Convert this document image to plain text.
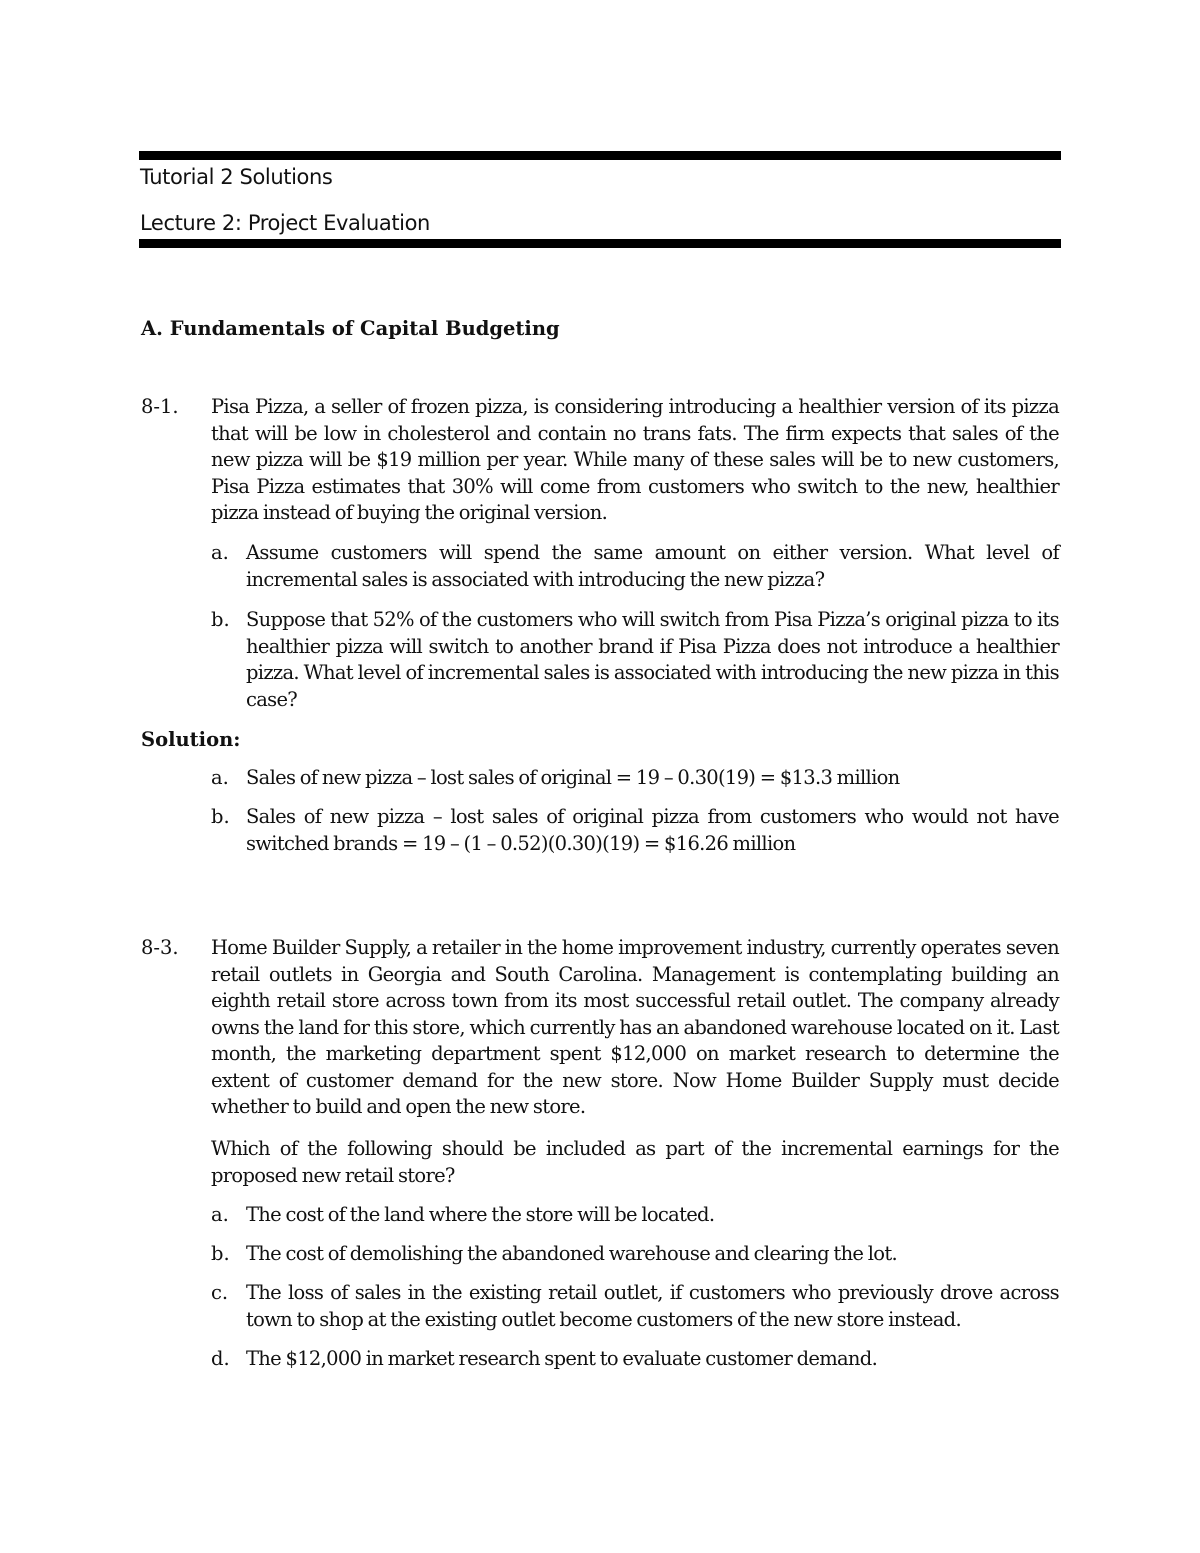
Tutorial 2 Solutions
Lecture 2: Project Evaluation
A. Fundamentals of Capital Budgeting
8-1. Pisa Pizza, a seller of frozen pizza, is considering introducing a healthier version of its pizza that will be low in cholesterol and contain no trans fats. The firm expects that sales of the new pizza will be $19 million per year. While many of these sales will be to new customers, Pisa Pizza estimates that 30% will come from customers who switch to the new, healthier pizza instead of buying the original version.
a. Assume customers will spend the same amount on either version. What level of incremental sales is associated with introducing the new pizza?
b. Suppose that 52% of the customers who will switch from Pisa Pizza’s original pizza to its healthier pizza will switch to another brand if Pisa Pizza does not introduce a healthier pizza. What level of incremental sales is associated with introducing the new pizza in this case?
Solution:
a. Sales of new pizza – lost sales of original = 19 – 0.30(19) = $13.3 million
b. Sales of new pizza – lost sales of original pizza from customers who would not have switched brands = 19 – (1 – 0.52)(0.30)(19) = $16.26 million
8-3. Home Builder Supply, a retailer in the home improvement industry, currently operates seven retail outlets in Georgia and South Carolina. Management is contemplating building an eighth retail store across town from its most successful retail outlet. The company already owns the land for this store, which currently has an abandoned warehouse located on it. Last month, the marketing department spent $12,000 on market research to determine the extent of customer demand for the new store. Now Home Builder Supply must decide whether to build and open the new store.
Which of the following should be included as part of the incremental earnings for the proposed new retail store?
a. The cost of the land where the store will be located.
b. The cost of demolishing the abandoned warehouse and clearing the lot.
c. The loss of sales in the existing retail outlet, if customers who previously drove across town to shop at the existing outlet become customers of the new store instead.
d. The $12,000 in market research spent to evaluate customer demand.
